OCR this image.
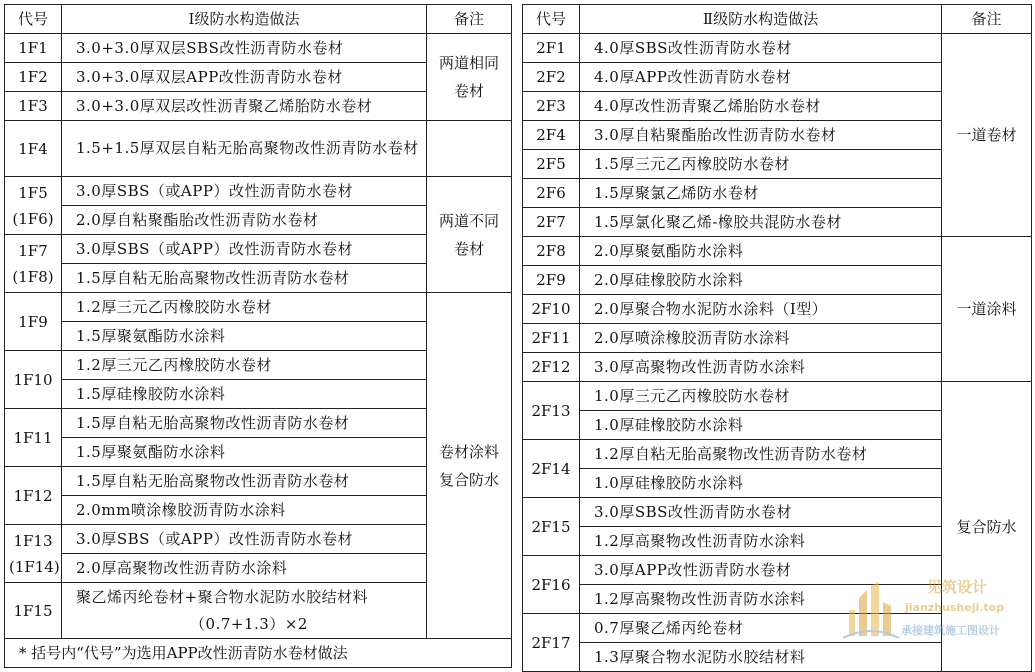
代号	Ⅰ级防水构造做法	备注
1F1	3.0+3.0厚双层SBS改性沥青防水卷材	两道相同卷材
1F2	3.0+3.0厚双层APP改性沥青防水卷材	
1F3	3.0+3.0厚双层改性沥青聚乙烯胎防水卷材	
1F4	1.5+1.5厚双层自粘无胎高聚物改性沥青防水卷材	
1F5 (1F6)	3.0厚SBS（或APP）改性沥青防水卷材	两道不同卷材
	2.0厚自粘聚酯胎改性沥青防水卷材	
1F7 (1F8)	3.0厚SBS（或APP）改性沥青防水卷材	
	1.5厚自粘无胎高聚物改性沥青防水卷材	
1F9	1.2厚三元乙丙橡胶防水卷材	卷材涂料复合防水
	1.5厚聚氨酯防水涂料	
1F10	1.2厚三元乙丙橡胶防水卷材	
	1.5厚硅橡胶防水涂料	
1F11	1.5厚自粘无胎高聚物改性沥青防水卷材	
	1.5厚聚氨酯防水涂料	
1F12	1.5厚自粘无胎高聚物改性沥青防水卷材	
	2.0mm喷涂橡胶沥青防水涂料	
1F13 (1F14)	3.0厚SBS（或APP）改性沥青防水卷材	
	2.0厚高聚物改性沥青防水涂料	
1F15	聚乙烯丙纶卷材+聚合物水泥防水胶结材料
（0.7+1.3）×2	

* 括号内“代号”为选用APP改性沥青防水卷材做法		
代号	Ⅱ级防水构造做法	备注
2F1	4.0厚SBS改性沥青防水卷材	一道卷材
2F2	4.0厚APP改性沥青防水卷材	
2F3	4.0厚改性沥青聚乙烯胎防水卷材	
2F4	3.0厚自粘聚酯胎改性沥青防水卷材	
2F5	1.5厚三元乙丙橡胶防水卷材	
2F6	1.5厚聚氯乙烯防水卷材	
2F7	1.5厚氯化聚乙烯-橡胶共混防水卷材	
2F8	2.0厚聚氨酯防水涂料	一道涂料
2F9	2.0厚硅橡胶防水涂料	
2F10	2.0厚聚合物水泥防水涂料（Ⅰ型）	
2F11	2.0厚喷涂橡胶沥青防水涂料	
2F12	3.0厚高聚物改性沥青防水涂料	
2F13	1.0厚三元乙丙橡胶防水卷材	复合防水
	1.0厚硅橡胶防水涂料	
2F14	1.2厚自粘无胎高聚物改性沥青防水卷材	
	1.0厚硅橡胶防水涂料	
2F15	3.0厚SBS改性沥青防水卷材	
	1.2厚高聚物改性沥青防水涂料	
2F16	3.0厚APP改性沥青防水卷材	
	1.2厚高聚物改性沥青防水涂料	
2F17	0.7厚聚乙烯丙纶卷材	
	1.3厚聚合物水泥防水胶结材料	
见筑设计
jianzhusheji.top
承接建筑施工图设计
